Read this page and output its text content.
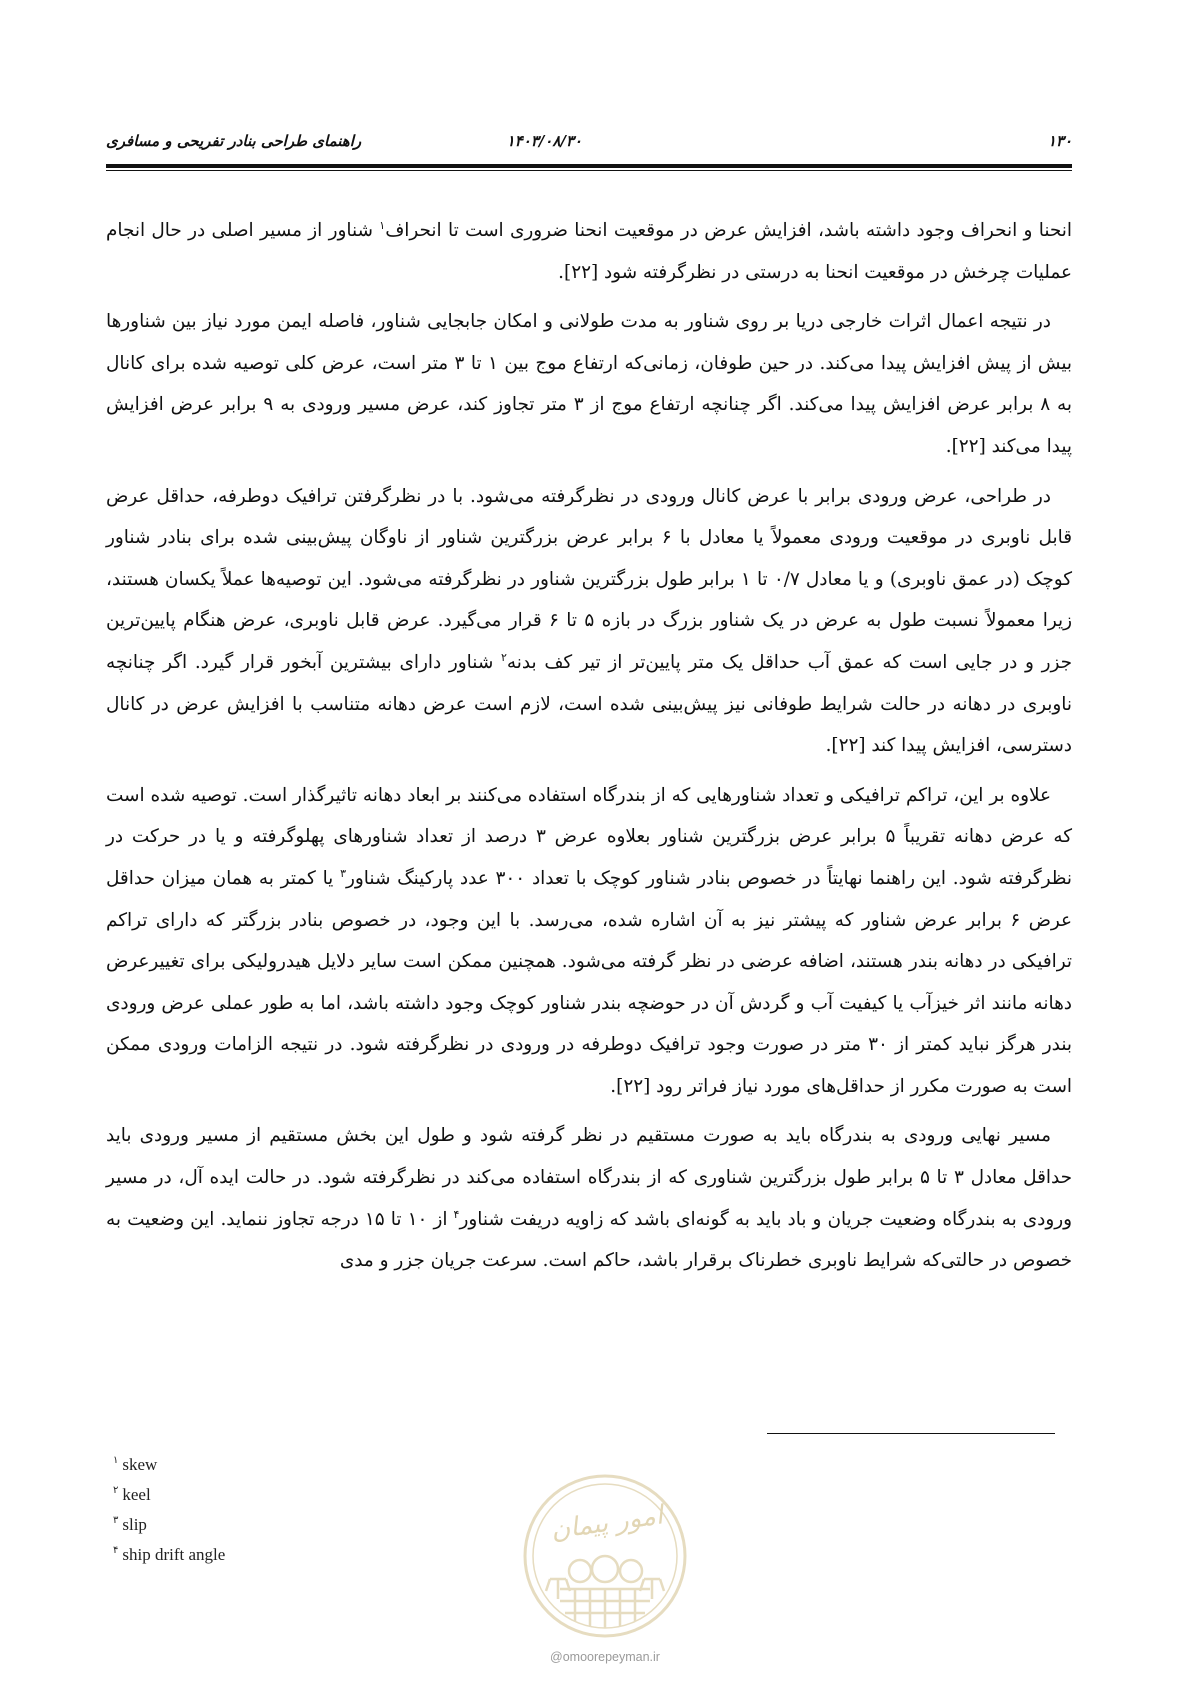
۱۳۰
۱۴۰۳/۰۸/۳۰
راهنمای طراحی بنادر تفریحی و مسافری

انحنا و انحراف وجود داشته باشد، افزایش عرض در موقعیت انحنا ضروری است تا انحراف$^۱$ شناور از مسیر اصلی در حال انجام عملیات چرخش در موقعیت انحنا به درستی در نظرگرفته شود [۲۲].

در نتیجه اعمال اثرات خارجی دریا بر روی شناور به مدت طولانی و امکان جابجایی شناور، فاصله ایمن مورد نیاز بین شناورها بیش از پیش افزایش پیدا می‌کند. در حین طوفان، زمانی‌که ارتفاع موج بین ۱ تا ۳ متر است، عرض کلی توصیه شده برای کانال به ۸ برابر عرض افزایش پیدا می‌کند. اگر چنانچه ارتفاع موج از ۳ متر تجاوز کند، عرض مسیر ورودی به ۹ برابر عرض افزایش پیدا می‌کند [۲۲].

در طراحی، عرض ورودی برابر با عرض کانال ورودی در نظرگرفته می‌شود. با در نظرگرفتن ترافیک دوطرفه، حداقل عرض قابل ناوبری در موقعیت ورودی معمولاً یا معادل با ۶ برابر عرض بزرگترین شناور از ناوگان پیش‌بینی شده برای بنادر شناور کوچک (در عمق ناوبری) و یا معادل ۰/۷ تا ۱ برابر طول بزرگترین شناور در نظرگرفته می‌شود. این توصیه‌ها عملاً یکسان هستند، زیرا معمولاً نسبت طول به عرض در یک شناور بزرگ در بازه ۵ تا ۶ قرار می‌گیرد. عرض قابل ناوبری، عرض هنگام پایین‌ترین جزر و در جایی است که عمق آب حداقل یک متر پایین‌تر از تیر کف بدنه$^۲$ شناور دارای بیشترین آبخور قرار گیرد. اگر چنانچه ناوبری در دهانه در حالت شرایط طوفانی نیز پیش‌بینی شده است، لازم است عرض دهانه متناسب با افزایش عرض در کانال دسترسی، افزایش پیدا کند [۲۲].

علاوه بر این، تراکم ترافیکی و تعداد شناورهایی که از بندرگاه استفاده می‌کنند بر ابعاد دهانه تاثیرگذار است. توصیه شده است که عرض دهانه تقریباً ۵ برابر عرض بزرگترین شناور بعلاوه عرض ۳ درصد از تعداد شناورهای پهلوگرفته و یا در حرکت در نظرگرفته شود. این راهنما نهایتاً در خصوص بنادر شناور کوچک با تعداد ۳۰۰ عدد پارکینگ شناور$^۳$ یا کمتر به همان میزان حداقل عرض ۶ برابر عرض شناور که پیشتر نیز به آن اشاره شده، می‌رسد. با این وجود، در خصوص بنادر بزرگتر که دارای تراکم ترافیکی در دهانه بندر هستند، اضافه عرضی در نظر گرفته می‌شود. همچنین ممکن است سایر دلایل هیدرولیکی برای تغییرعرض دهانه مانند اثر خیزآب یا کیفیت آب و گردش آن در حوضچه بندر شناور کوچک وجود داشته باشد، اما به طور عملی عرض ورودی بندر هرگز نباید کمتر از ۳۰ متر در صورت وجود ترافیک دوطرفه در ورودی در نظرگرفته شود. در نتیجه الزامات ورودی ممکن است به صورت مکرر از حداقل‌های مورد نیاز فراتر رود [۲۲].

مسیر نهایی ورودی به بندرگاه باید به صورت مستقیم در نظر گرفته شود و طول این بخش مستقیم از مسیر ورودی باید حداقل معادل ۳ تا ۵ برابر طول بزرگترین شناوری که از بندرگاه استفاده می‌کند در نظرگرفته شود. در حالت ایده آل، در مسیر ورودی به بندرگاه وضعیت جریان و باد باید به گونه‌ای باشد که زاویه دریفت شناور$^۴$ از ۱۰ تا ۱۵ درجه تجاوز ننماید. این وضعیت به خصوص در حالتی‌که شرایط ناوبری خطرناک برقرار باشد، حاکم است. سرعت جریان جزر و مدی

$^۱$ skew
$^۲$ keel
$^۳$ slip
$^۴$ ship drift angle
امور پیمان
@omoorepeyman.ir
